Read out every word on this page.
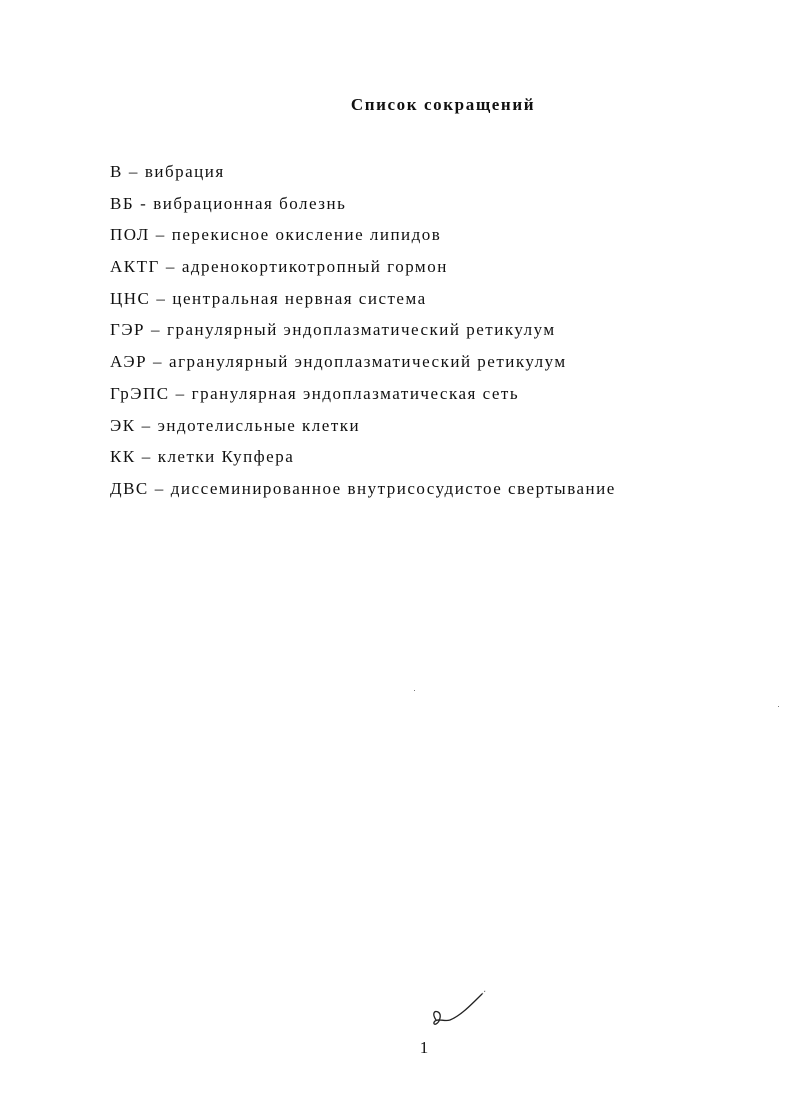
Список сокращений
В – вибрация
ВБ - вибрационная болезнь
ПОЛ – перекисное окисление липидов
АКТГ – адренокортикотропный гормон
ЦНС – центральная нервная система
ГЭР – гранулярный эндоплазматический ретикулум
АЭР – агранулярный эндоплазматический ретикулум
ГрЭПС – гранулярная эндоплазматическая сеть
ЭК – эндотелисльные клетки
КК – клетки Купфера
ДВС – диссеминированное внутрисосудистое свертывание
1
